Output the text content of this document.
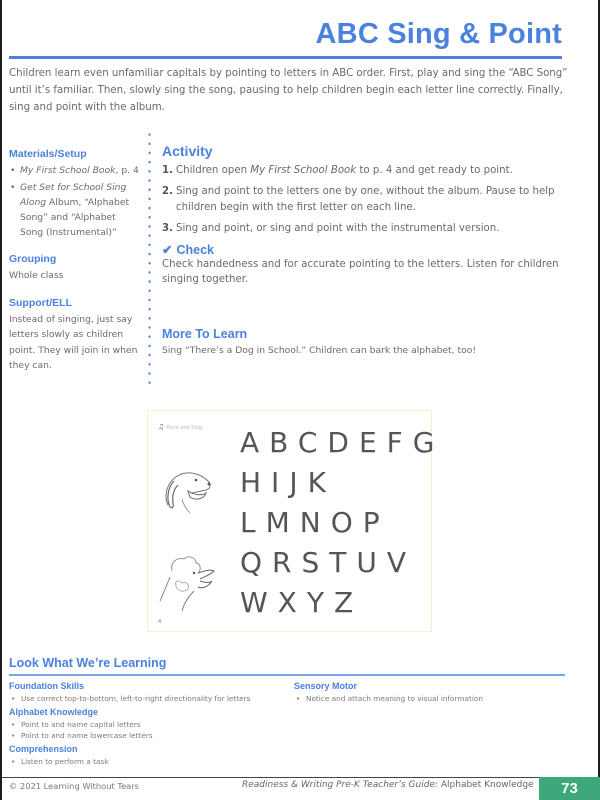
ABC Sing & Point

Children learn even unfamiliar capitals by pointing to letters in ABC order. First, play and sing the “ABC Song” until it’s familiar. Then, slowly sing the song, pausing to help children begin each letter line correctly. Finally, sing and point with the album.

Materials/Setup
• My First School Book, p. 4
• Get Set for School Sing Along Album, “Alphabet Song” and “Alphabet Song (Instrumental)”
Grouping
Whole class
Support/ELL
Instead of singing, just say letters slowly as children point. They will join in when they can.
Activity
1. Children open My First School Book to p. 4 and get ready to point.
2. Sing and point to the letters one by one, without the album. Pause to help children begin with the first letter on each line.
3. Sing and point, or sing and point with the instrumental version.
✔ Check

Check handedness and for accurate pointing to the letters. Listen for children singing together.

More To Learn

Sing “There’s a Dog in School.” Children can bark the alphabet, too!

♫ Point and Sing ABCDEFG
HIJK
LMNOP
QRSTUV
WXYZ
4
Look What We’re Learning
Foundation Skills
• Use correct top-to-bottom, left-to-right directionality for letters
Alphabet Knowledge
• Point to and name capital letters
• Point to and name lowercase letters
Comprehension
• Listen to perform a task
Sensory Motor
• Notice and attach meaning to visual information
© 2021 Learning Without Tears	Readiness & Writing Pre-K Teacher’s Guide: Alphabet Knowledge	73
